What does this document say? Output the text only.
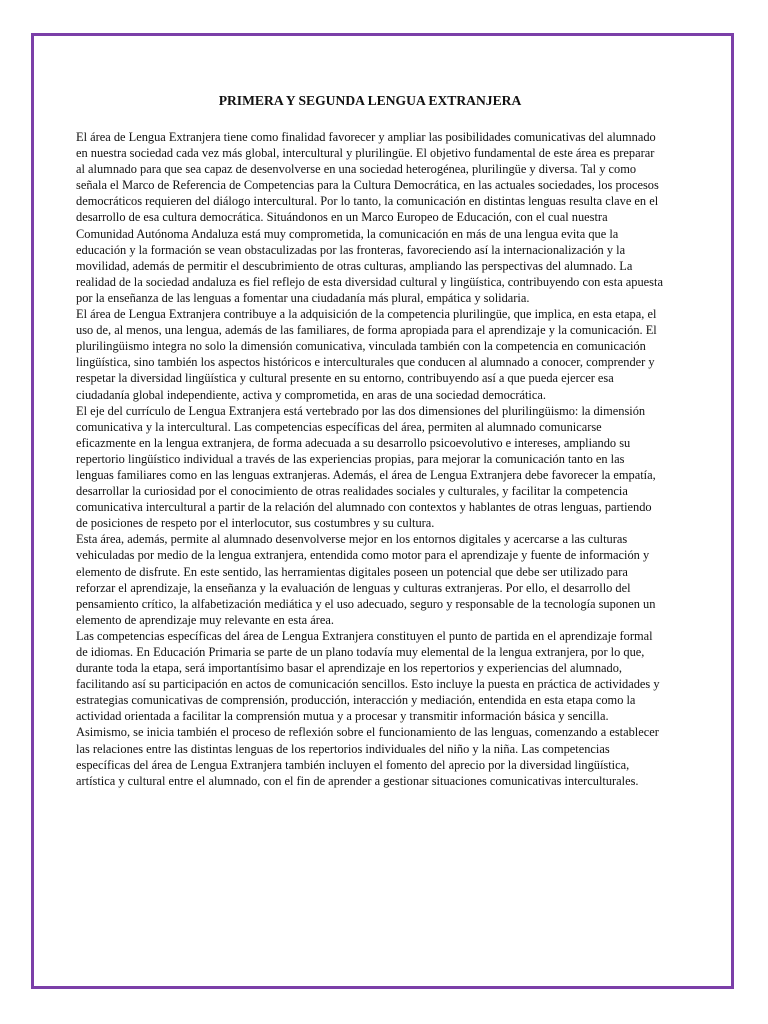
PRIMERA Y SEGUNDA LENGUA EXTRANJERA

El área de Lengua Extranjera tiene como finalidad favorecer y ampliar las posibilidades comunicativas del alumnado en nuestra sociedad cada vez más global, intercultural y plurilingüe. El objetivo fundamental de este área es preparar al alumnado para que sea capaz de desenvolverse en una sociedad heterogénea, plurilingüe y diversa. Tal y como señala el Marco de Referencia de Competencias para la Cultura Democrática, en las actuales sociedades, los procesos democráticos requieren del diálogo intercultural. Por lo tanto, la comunicación en distintas lenguas resulta clave en el desarrollo de esa cultura democrática. Situándonos en un Marco Europeo de Educación, con el cual nuestra Comunidad Autónoma Andaluza está muy comprometida, la comunicación en más de una lengua evita que la educación y la formación se vean obstaculizadas por las fronteras, favoreciendo así la internacionalización y la movilidad, además de permitir el descubrimiento de otras culturas, ampliando las perspectivas del alumnado. La realidad de la sociedad andaluza es fiel reflejo de esta diversidad cultural y lingüística, contribuyendo con esta apuesta por la enseñanza de las lenguas a fomentar una ciudadanía más plural, empática y solidaria.

El área de Lengua Extranjera contribuye a la adquisición de la competencia plurilingüe, que implica, en esta etapa, el uso de, al menos, una lengua, además de las familiares, de forma apropiada para el aprendizaje y la comunicación. El plurilingüismo integra no solo la dimensión comunicativa, vinculada también con la competencia en comunicación lingüística, sino también los aspectos históricos e interculturales que conducen al alumnado a conocer, comprender y respetar la diversidad lingüística y cultural presente en su entorno, contribuyendo así a que pueda ejercer esa ciudadanía global independiente, activa y comprometida, en aras de una sociedad democrática.

El eje del currículo de Lengua Extranjera está vertebrado por las dos dimensiones del plurilingüismo: la dimensión comunicativa y la intercultural. Las competencias específicas del área, permiten al alumnado comunicarse eficazmente en la lengua extranjera, de forma adecuada a su desarrollo psicoevolutivo e intereses, ampliando su repertorio lingüístico individual a través de las experiencias propias, para mejorar la comunicación tanto en las lenguas familiares como en las lenguas extranjeras. Además, el área de Lengua Extranjera debe favorecer la empatía, desarrollar la curiosidad por el conocimiento de otras realidades sociales y culturales, y facilitar la competencia comunicativa intercultural a partir de la relación del alumnado con contextos y hablantes de otras lenguas, partiendo de posiciones de respeto por el interlocutor, sus costumbres y su cultura.

Esta área, además, permite al alumnado desenvolverse mejor en los entornos digitales y acercarse a las culturas vehiculadas por medio de la lengua extranjera, entendida como motor para el aprendizaje y fuente de información y elemento de disfrute. En este sentido, las herramientas digitales poseen un potencial que debe ser utilizado para reforzar el aprendizaje, la enseñanza y la evaluación de lenguas y culturas extranjeras. Por ello, el desarrollo del pensamiento crítico, la alfabetización mediática y el uso adecuado, seguro y responsable de la tecnología suponen un elemento de aprendizaje muy relevante en esta área.

Las competencias específicas del área de Lengua Extranjera constituyen el punto de partida en el aprendizaje formal de idiomas. En Educación Primaria se parte de un plano todavía muy elemental de la lengua extranjera, por lo que, durante toda la etapa, será importantísimo basar el aprendizaje en los repertorios y experiencias del alumnado, facilitando así su participación en actos de comunicación sencillos. Esto incluye la puesta en práctica de actividades y estrategias comunicativas de comprensión, producción, interacción y mediación, entendida en esta etapa como la actividad orientada a facilitar la comprensión mutua y a procesar y transmitir información básica y sencilla. Asimismo, se inicia también el proceso de reflexión sobre el funcionamiento de las lenguas, comenzando a establecer las relaciones entre las distintas lenguas de los repertorios individuales del niño y la niña. Las competencias específicas del área de Lengua Extranjera también incluyen el fomento del aprecio por la diversidad lingüística, artística y cultural entre el alumnado, con el fin de aprender a gestionar situaciones comunicativas interculturales.
